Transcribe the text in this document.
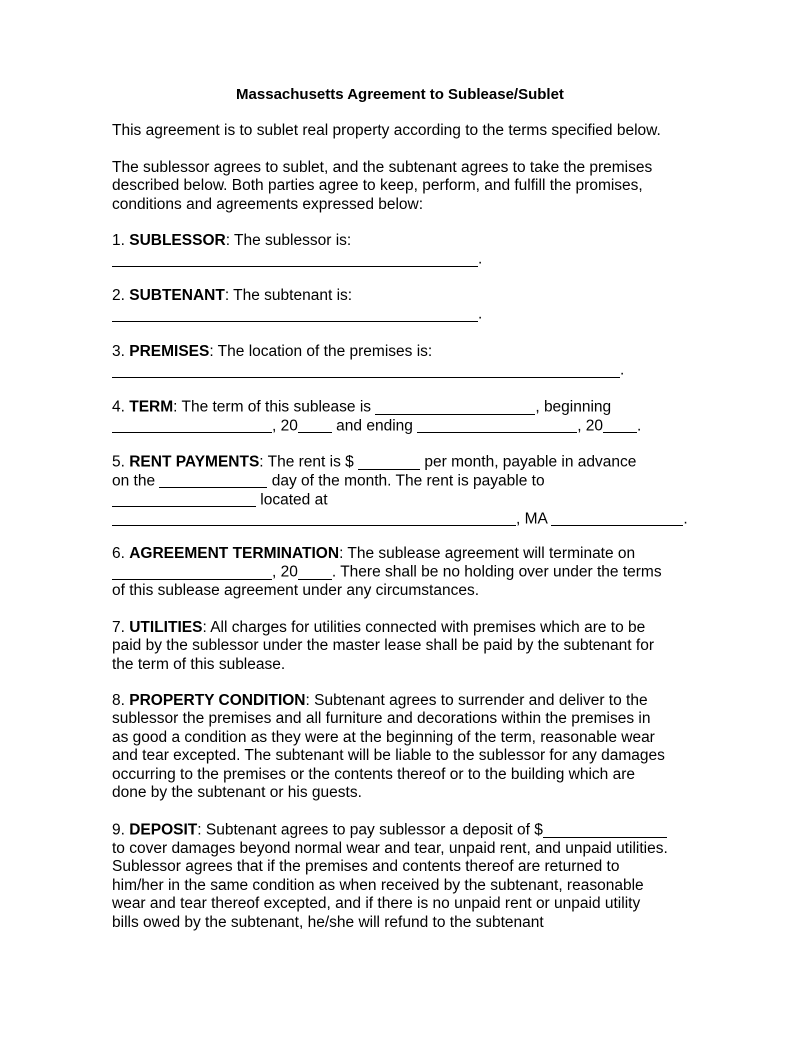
Massachusetts Agreement to Sublease/Sublet
This agreement is to sublet real property according to the terms specified below.
The sublessor agrees to sublet, and the subtenant agrees to take the premises
described below. Both parties agree to keep, perform, and fulfill the promises,
conditions and agreements expressed below:
1. SUBLESSOR: The sublessor is:
.
2. SUBTENANT: The subtenant is:
.
3. PREMISES: The location of the premises is:
.
4. TERM: The term of this sublease is	, beginning
, 20 and ending	, 20 .
5. RENT PAYMENTS: The rent is $	per month, payable in advance
on the	day of the month. The rent is payable to
located at
, MA	.
6. AGREEMENT TERMINATION: The sublease agreement will terminate on
, 20 . There shall be no holding over under the terms
of this sublease agreement under any circumstances.
7. UTILITIES: All charges for utilities connected with premises which are to be
paid by the sublessor under the master lease shall be paid by the subtenant for
the term of this sublease.
8. PROPERTY CONDITION: Subtenant agrees to surrender and deliver to the
sublessor the premises and all furniture and decorations within the premises in
as good a condition as they were at the beginning of the term, reasonable wear
and tear excepted. The subtenant will be liable to the sublessor for any damages
occurring to the premises or the contents thereof or to the building which are
done by the subtenant or his guests.
9. DEPOSIT: Subtenant agrees to pay sublessor a deposit of $
to cover damages beyond normal wear and tear, unpaid rent, and unpaid utilities.
Sublessor agrees that if the premises and contents thereof are returned to
him/her in the same condition as when received by the subtenant, reasonable
wear and tear thereof excepted, and if there is no unpaid rent or unpaid utility
bills owed by the subtenant, he/she will refund to the subtenant
